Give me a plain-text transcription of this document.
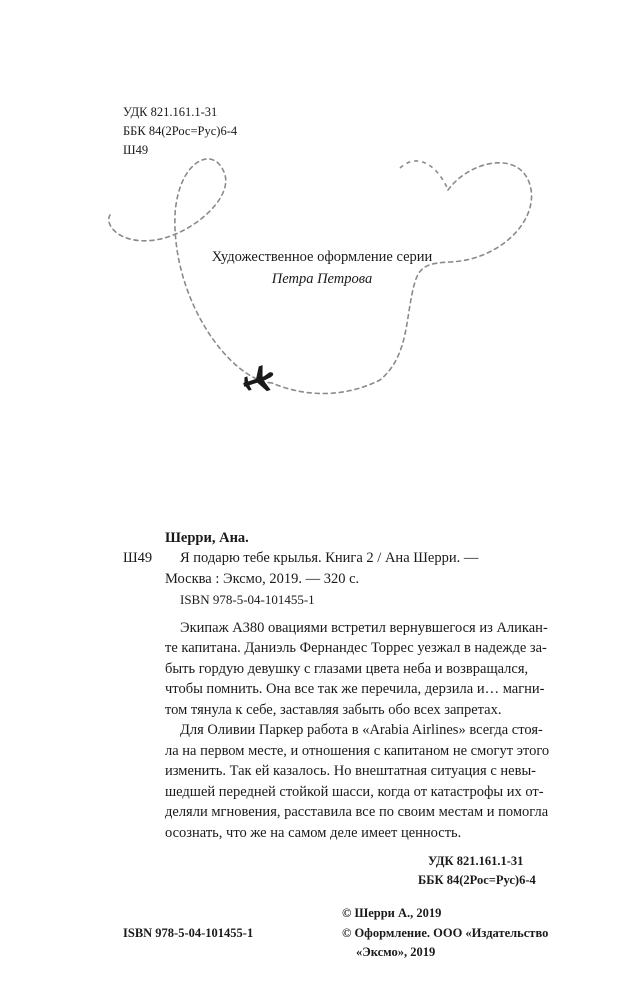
УДК 821.161.1-31
ББК 84(2Рос=Рус)6-4
Ш49
Художественное оформление серии
Петра Петрова
Шерри, Ана.
Ш49 Я подарю тебе крылья. Книга 2 / Ана Шерри. —
Москва : Эксмо, 2019. — 320 с.
ISBN 978-5-04-101455-1
Экипаж А380 овациями встретил вернувшегося из Аликан-
те капитана. Даниэль Фернандес Торрес уезжал в надежде за-
быть гордую девушку с глазами цвета неба и возвращался,
чтобы помнить. Она все так же перечила, дерзила и… магни-
том тянула к себе, заставляя забыть обо всех запретах.
Для Оливии Паркер работа в «Arabia Airlines» всегда стоя-
ла на первом месте, и отношения с капитаном не смогут этого
изменить. Так ей казалось. Но внештатная ситуация с невы-
шедшей передней стойкой шасси, когда от катастрофы их от-
деляли мгновения, расставила все по своим местам и помогла
осознать, что же на самом деле имеет ценность.
УДК 821.161.1-31
ББК 84(2Рос=Рус)6-4
© Шерри А., 2019
ISBN 978-5-04-101455-1	© Оформление. ООО «Издательство
«Эксмо», 2019
